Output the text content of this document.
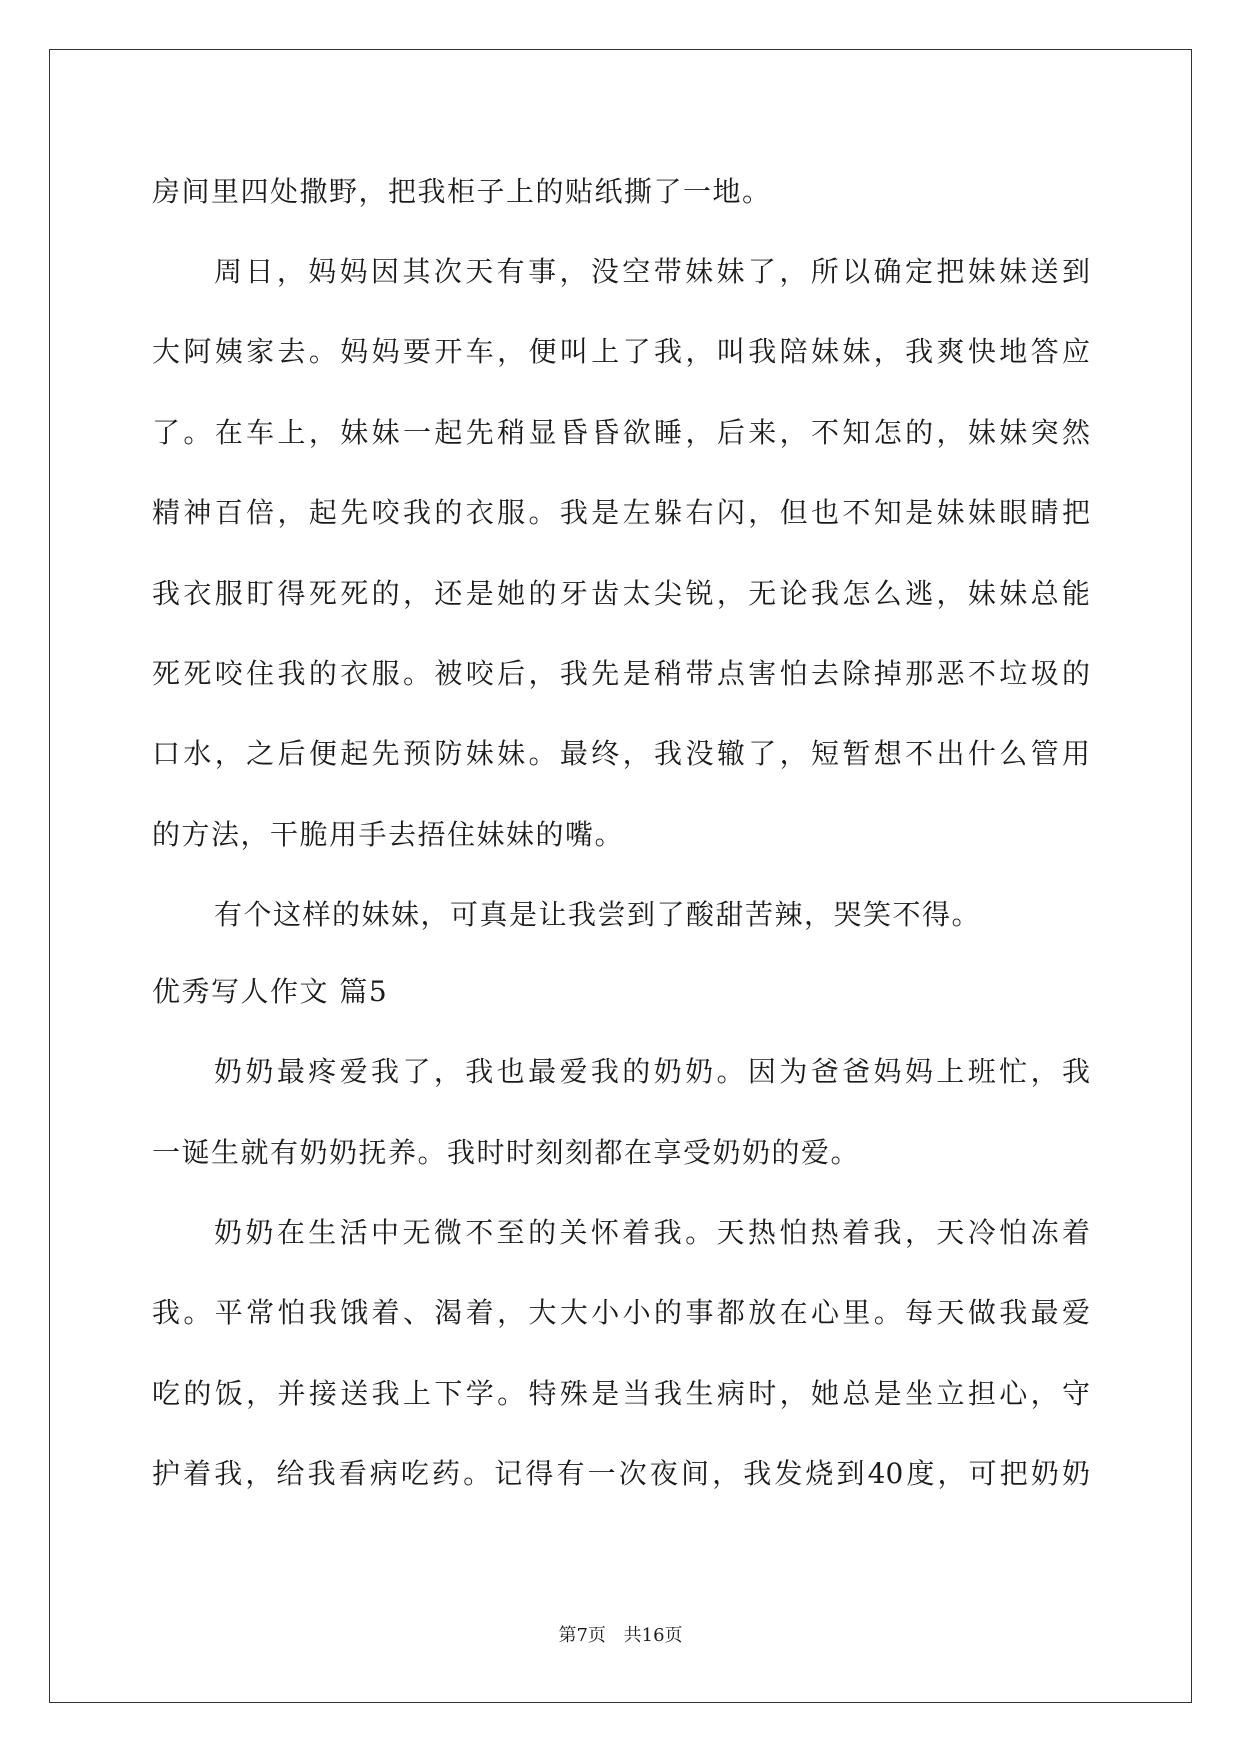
房间里四处撒野，把我柜子上的贴纸撕了一地。
周日，妈妈因其次天有事，没空带妹妹了，所以确定把妹妹送到
大阿姨家去。妈妈要开车，便叫上了我，叫我陪妹妹，我爽快地答应
了。在车上，妹妹一起先稍显昏昏欲睡，后来，不知怎的，妹妹突然
精神百倍，起先咬我的衣服。我是左躲右闪，但也不知是妹妹眼睛把
我衣服盯得死死的，还是她的牙齿太尖锐，无论我怎么逃，妹妹总能
死死咬住我的衣服。被咬后，我先是稍带点害怕去除掉那恶不垃圾的
口水，之后便起先预防妹妹。最终，我没辙了，短暂想不出什么管用
的方法，干脆用手去捂住妹妹的嘴。
有个这样的妹妹，可真是让我尝到了酸甜苦辣，哭笑不得。
优秀写人作文 篇5
奶奶最疼爱我了，我也最爱我的奶奶。因为爸爸妈妈上班忙，我
一诞生就有奶奶抚养。我时时刻刻都在享受奶奶的爱。
奶奶在生活中无微不至的关怀着我。天热怕热着我，天冷怕冻着
我。平常怕我饿着、渴着，大大小小的事都放在心里。每天做我最爱
吃的饭，并接送我上下学。特殊是当我生病时，她总是坐立担心，守
护着我，给我看病吃药。记得有一次夜间，我发烧到40度，可把奶奶
第7页 共16页
